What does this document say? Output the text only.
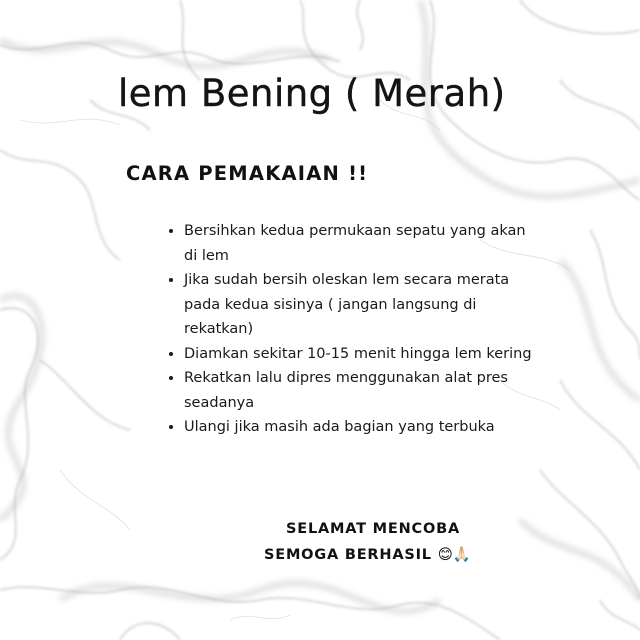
lem Bening ( Merah)
CARA PEMAKAIAN !!
• Bersihkan kedua permukaan sepatu yang akan di lem
• Jika sudah bersih oleskan lem secara merata pada kedua sisinya ( jangan langsung di rekatkan)
• Diamkan sekitar 10-15 menit hingga lem kering
• Rekatkan lalu dipres menggunakan alat pres seadanya
• Ulangi jika masih ada bagian yang terbuka
SELAMAT MENCOBA
SEMOGA BERHASIL 😊🙏🏻
